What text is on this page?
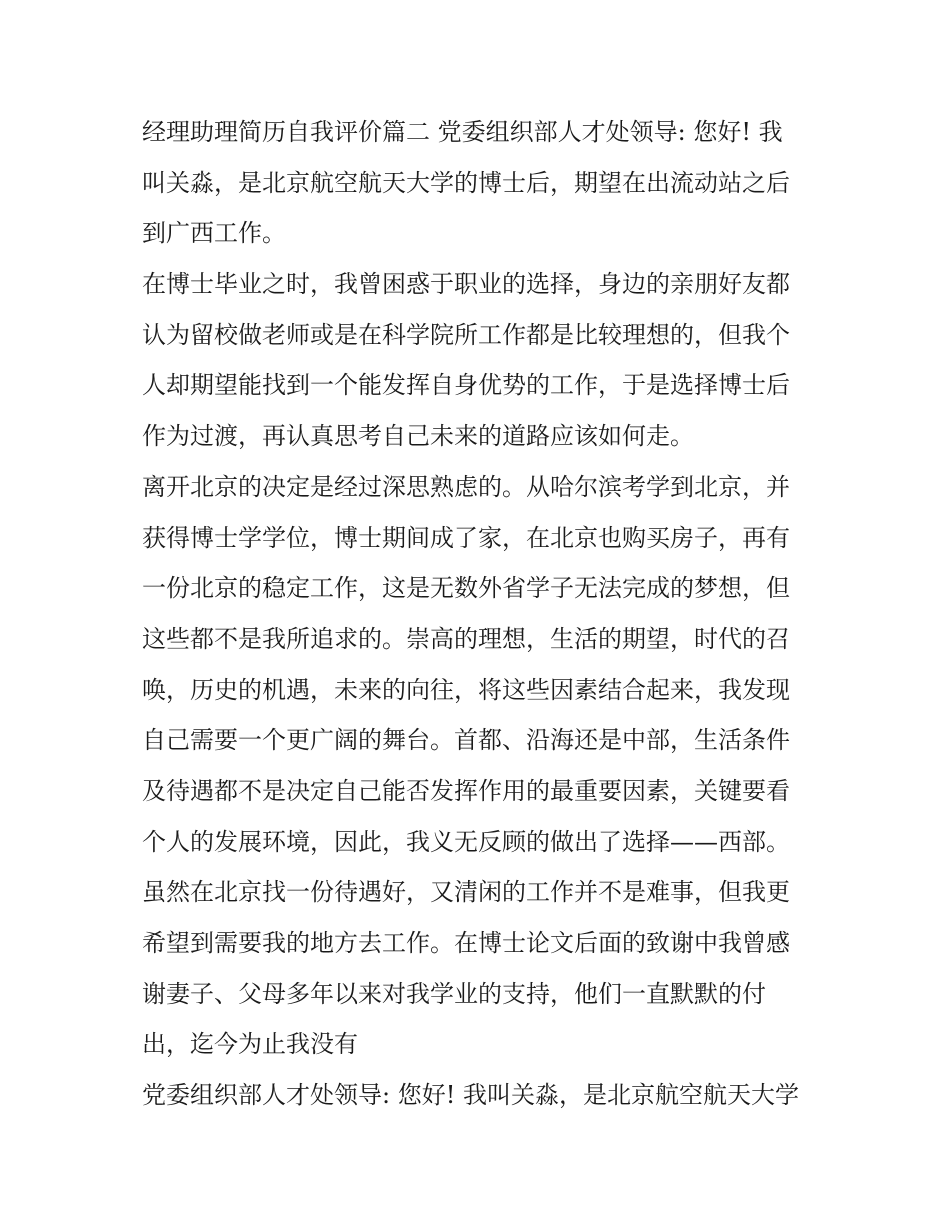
经理助理简历自我评价篇二 党委组织部人才处领导: 您好! 我
叫关淼，是北京航空航天大学的博士后，期望在出流动站之后
到广西工作。
在博士毕业之时，我曾困惑于职业的选择，身边的亲朋好友都
认为留校做老师或是在科学院所工作都是比较理想的，但我个
人却期望能找到一个能发挥自身优势的工作，于是选择博士后
作为过渡，再认真思考自己未来的道路应该如何走。
离开北京的决定是经过深思熟虑的。从哈尔滨考学到北京，并
获得博士学学位，博士期间成了家，在北京也购买房子，再有
一份北京的稳定工作，这是无数外省学子无法完成的梦想，但
这些都不是我所追求的。崇高的理想，生活的期望，时代的召
唤，历史的机遇，未来的向往，将这些因素结合起来，我发现
自己需要一个更广阔的舞台。首都、沿海还是中部，生活条件
及待遇都不是决定自己能否发挥作用的最重要因素，关键要看
个人的发展环境，因此，我义无反顾的做出了选择——西部。
虽然在北京找一份待遇好，又清闲的工作并不是难事，但我更
希望到需要我的地方去工作。在博士论文后面的致谢中我曾感
谢妻子、父母多年以来对我学业的支持，他们一直默默的付
出，迄今为止我没有
党委组织部人才处领导: 您好! 我叫关淼，是北京航空航天大学
